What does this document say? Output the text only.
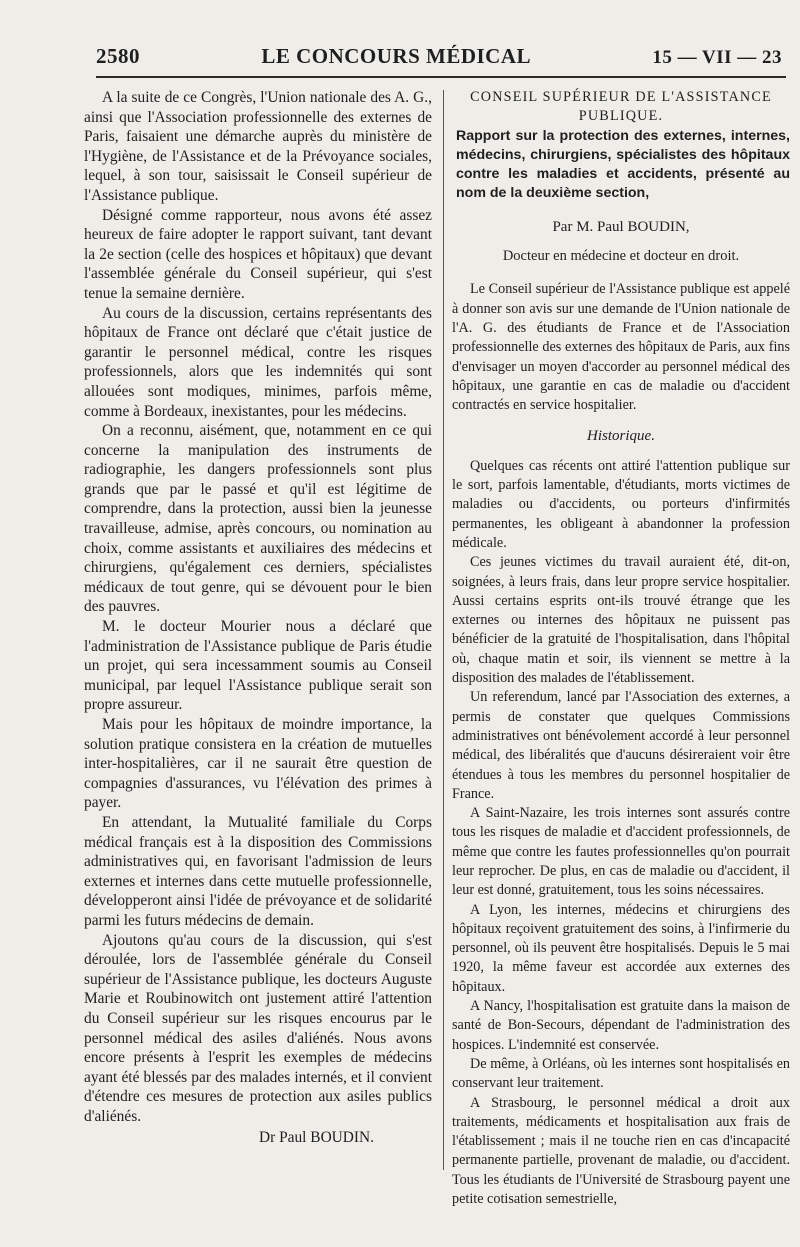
2580	LE CONCOURS MÉDICAL	15 — VII — 23

A la suite de ce Congrès, l'Union nationale des A. G., ainsi que l'Association professionnelle des externes de Paris, faisaient une démarche auprès du ministère de l'Hygiène, de l'Assistance et de la Prévoyance sociales, lequel, à son tour, saisissait le Conseil supérieur de l'Assistance publique.

Désigné comme rapporteur, nous avons été assez heureux de faire adopter le rapport suivant, tant devant la 2e section (celle des hospices et hôpitaux) que devant l'assemblée générale du Conseil supérieur, qui s'est tenue la semaine dernière.

Au cours de la discussion, certains représentants des hôpitaux de France ont déclaré que c'était justice de garantir le personnel médical, contre les risques professionnels, alors que les indemnités qui sont allouées sont modiques, minimes, parfois même, comme à Bordeaux, inexistantes, pour les médecins.

On a reconnu, aisément, que, notamment en ce qui concerne la manipulation des instruments de radiographie, les dangers professionnels sont plus grands que par le passé et qu'il est légitime de comprendre, dans la protection, aussi bien la jeunesse travailleuse, admise, après concours, ou nomination au choix, comme assistants et auxiliaires des médecins et chirurgiens, qu'également ces derniers, spécialistes médicaux de tout genre, qui se dévouent pour le bien des pauvres.

M. le docteur Mourier nous a déclaré que l'administration de l'Assistance publique de Paris étudie un projet, qui sera incessamment soumis au Conseil municipal, par lequel l'Assistance publique serait son propre assureur.

Mais pour les hôpitaux de moindre importance, la solution pratique consistera en la création de mutuelles inter-hospitalières, car il ne saurait être question de compagnies d'assurances, vu l'élévation des primes à payer.

En attendant, la Mutualité familiale du Corps médical français est à la disposition des Commissions administratives qui, en favorisant l'admission de leurs externes et internes dans cette mutuelle professionnelle, développeront ainsi l'idée de prévoyance et de solidarité parmi les futurs médecins de demain.

Ajoutons qu'au cours de la discussion, qui s'est déroulée, lors de l'assemblée générale du Conseil supérieur de l'Assistance publique, les docteurs Auguste Marie et Roubinowitch ont justement attiré l'attention du Conseil supérieur sur les risques encourus par le personnel médical des asiles d'aliénés. Nous avons encore présents à l'esprit les exemples de médecins ayant été blessés par des malades internés, et il convient d'étendre ces mesures de protection aux asiles publics d'aliénés.

Dr Paul BOUDIN.

CONSEIL SUPÉRIEUR DE L'ASSISTANCE PUBLIQUE.

Rapport sur la protection des externes, internes, médecins, chirurgiens, spécialistes des hôpitaux contre les maladies et accidents, présenté au nom de la deuxième section,

Par M. Paul BOUDIN,

Docteur en médecine et docteur en droit.

Le Conseil supérieur de l'Assistance publique est appelé à donner son avis sur une demande de l'Union nationale de l'A. G. des étudiants de France et de l'Association professionnelle des externes des hôpitaux de Paris, aux fins d'envisager un moyen d'accorder au personnel médical des hôpitaux, une garantie en cas de maladie ou d'accident contractés en service hospitalier.

Historique.

Quelques cas récents ont attiré l'attention publique sur le sort, parfois lamentable, d'étudiants, morts victimes de maladies ou d'accidents, ou porteurs d'infirmités permanentes, les obligeant à abandonner la profession médicale.

Ces jeunes victimes du travail auraient été, dit-on, soignées, à leurs frais, dans leur propre service hospitalier. Aussi certains esprits ont-ils trouvé étrange que les externes ou internes des hôpitaux ne puissent pas bénéficier de la gratuité de l'hospitalisation, dans l'hôpital où, chaque matin et soir, ils viennent se mettre à la disposition des malades de l'établissement.

Un referendum, lancé par l'Association des externes, a permis de constater que quelques Commissions administratives ont bénévolement accordé à leur personnel médical, des libéralités que d'aucuns désireraient voir être étendues à tous les membres du personnel hospitalier de France.

A Saint-Nazaire, les trois internes sont assurés contre tous les risques de maladie et d'accident professionnels, de même que contre les fautes professionnelles qu'on pourrait leur reprocher. De plus, en cas de maladie ou d'accident, il leur est donné, gratuitement, tous les soins nécessaires.

A Lyon, les internes, médecins et chirurgiens des hôpitaux reçoivent gratuitement des soins, à l'infirmerie du personnel, où ils peuvent être hospitalisés. Depuis le 5 mai 1920, la même faveur est accordée aux externes des hôpitaux.

A Nancy, l'hospitalisation est gratuite dans la maison de santé de Bon-Secours, dépendant de l'administration des hospices. L'indemnité est conservée.

De même, à Orléans, où les internes sont hospitalisés en conservant leur traitement.

A Strasbourg, le personnel médical a droit aux traitements, médicaments et hospitalisation aux frais de l'établissement ; mais il ne touche rien en cas d'incapacité permanente partielle, provenant de maladie, ou d'accident. Tous les étudiants de l'Université de Strasbourg payent une petite cotisation semestrielle,
